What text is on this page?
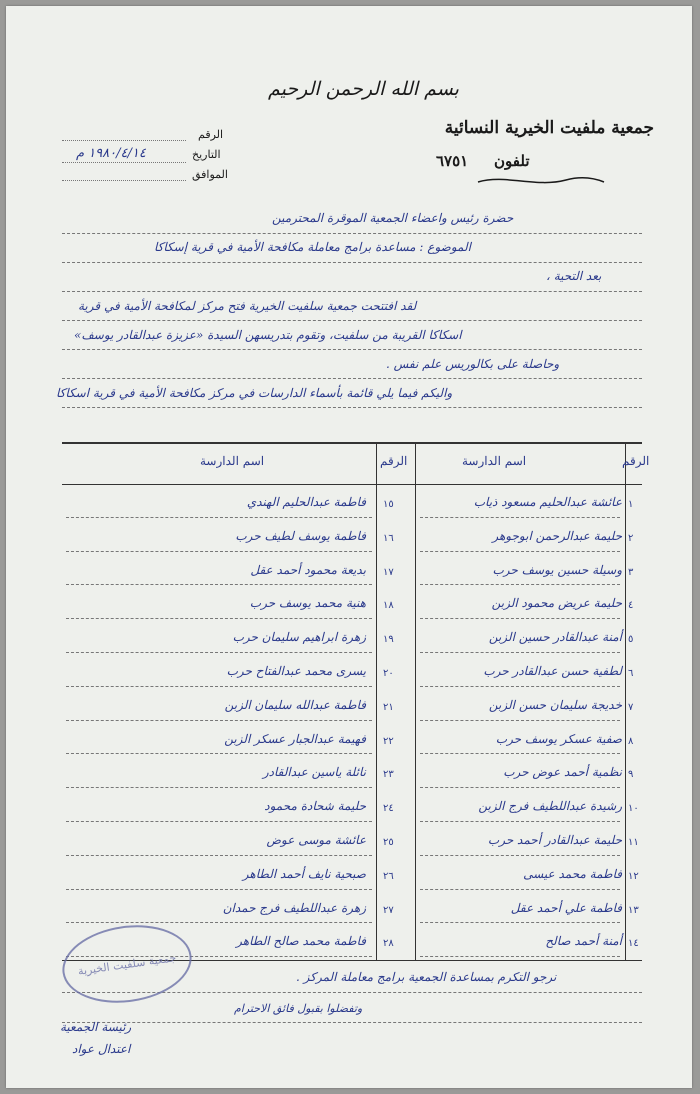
بسم الله الرحمن الرحيم
جمعية ملفيت الخيرية النسائية
تلفون
٦٧٥١
الرقم
التاريخ
١٩٨٠/٤/١٤ م
الموافق
حضرة رئيس واعضاء الجمعية الموقرة المحترمين
الموضوع : مساعدة برامج معاملة مكافحة الأمية في قرية إسكاكا
بعد التحية ،
لقد افتتحت جمعية سلفيت الخيرية فتح مركز لمكافحة الأمية في قرية
اسكاكا القريبة من سلفيت، وتقوم بتدريسهن السيدة «عزيزة عبدالقادر يوسف»
وحاصلة على بكالوريس علم نفس .
واليكم فيما يلي قائمة بأسماء الدارسات في مركز مكافحة الأمية في قرية اسكاكا
الرقم
اسم الدارسة
الرقم
اسم الدارسة
١
عائشة عبدالحليم مسعود ذياب
٢
حليمة عبدالرحمن ابوجوهر
٣
وسيلة حسين يوسف حرب
٤
حليمة عريض محمود الزبن
٥
أمنة عبدالقادر حسين الزبن
٦
لطفية حسن عبدالقادر حرب
٧
خديجة سليمان حسن الزبن
٨
صفية عسكر يوسف حرب
٩
نظمية أحمد عوض حرب
١٠
رشيدة عبداللطيف فرج الزبن
١١
حليمة عبدالقادر أحمد حرب
١٢
فاطمة محمد عيسى
١٣
فاطمة علي أحمد عقل
١٤
أمنة أحمد صالح
١٥
فاطمة عبدالحليم الهندي
١٦
فاطمة يوسف لطيف حرب
١٧
بديعة محمود أحمد عقل
١٨
هنية محمد يوسف حرب
١٩
زهرة ابراهيم سليمان حرب
٢٠
يسرى محمد عبدالفتاح حرب
٢١
فاطمة عبدالله سليمان الزبن
٢٢
فهيمة عبدالجبار عسكر الزبن
٢٣
نائلة ياسين عبدالقادر
٢٤
حليمة شحادة محمود
٢٥
عائشة موسى عوض
٢٦
صبحية نايف أحمد الطاهر
٢٧
زهرة عبداللطيف فرج حمدان
٢٨
فاطمة محمد صالح الطاهر
نرجو التكرم بمساعدة الجمعية برامج معاملة المركز .
وتفضلوا بقبول فائق الاحترام
رئيسة الجمعية
اعتدال عواد
جمعية سلفيت الخيرية
